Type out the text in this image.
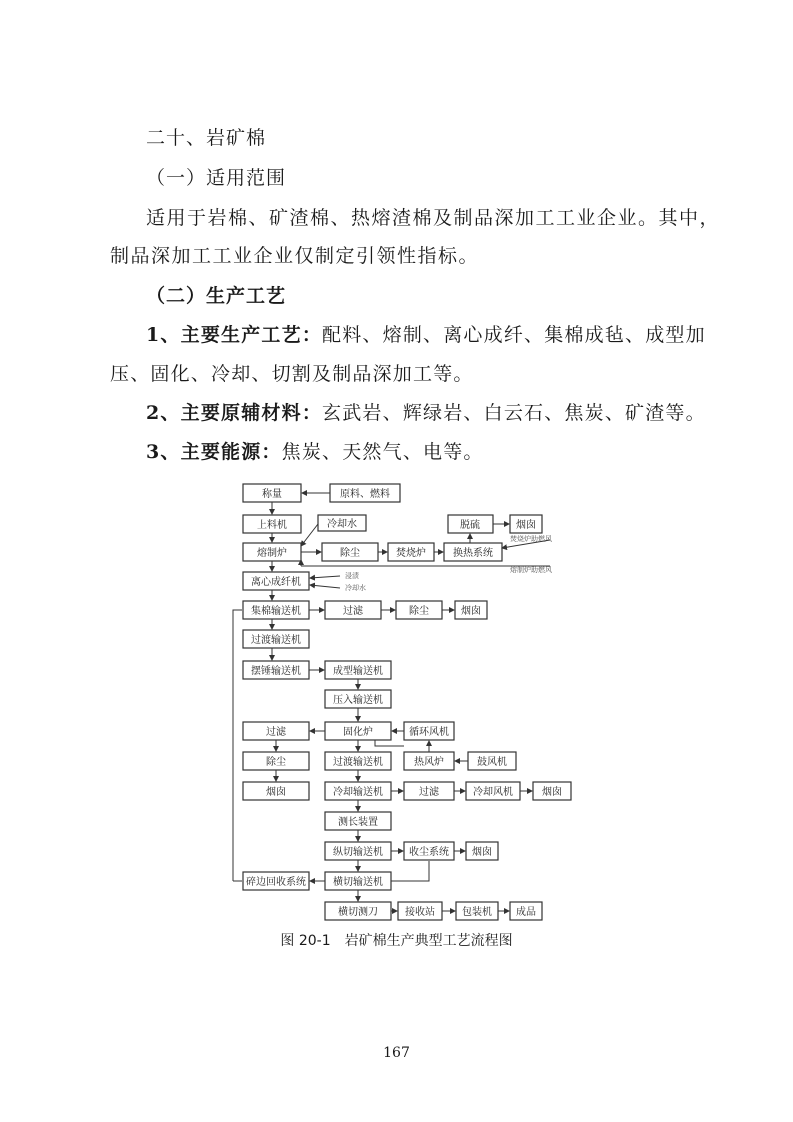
二十、岩矿棉
（一）适用范围
适用于岩棉、矿渣棉、热熔渣棉及制品深加工工业企业。其中，
制品深加工工业企业仅制定引领性指标。
（二）生产工艺
1、主要生产工艺：配料、熔制、离心成纤、集棉成毡、成型加
压、固化、冷却、切割及制品深加工等。
2、主要原辅材料：玄武岩、辉绿岩、白云石、焦炭、矿渣等。
3、主要能源：焦炭、天然气、电等。
称量	原料、燃料
上料机	冷却水	脱硫	烟囱
熔制炉	除尘	焚烧炉	换热系统
焚烧炉助燃风
熔制炉助燃风
离心成纤机
浸渍
冷却水
集棉输送机	过滤	除尘	烟囱
过渡输送机
摆锤输送机	成型输送机
压入输送机
过滤	固化炉	循环风机
除尘	过渡输送机	热风炉	鼓风机
烟囱	冷却输送机	过滤	冷却风机	烟囱
测长装置
纵切输送机	收尘系统 烟囱
碎边回收系统	横切输送机
横切测刀	接收站	包装机 成品
图 20-1　岩矿棉生产典型工艺流程图
167
